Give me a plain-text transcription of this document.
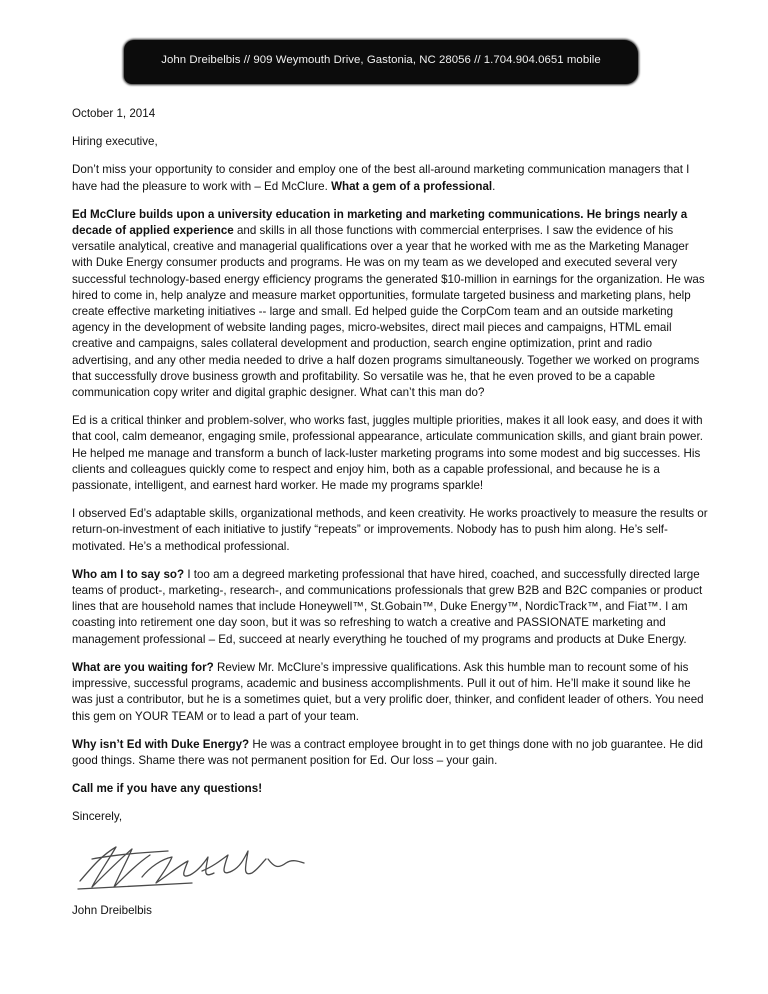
John Dreibelbis // 909 Weymouth Drive, Gastonia, NC 28056 // 1.704.904.0651 mobile

October 1, 2014

Hiring executive,

Don’t miss your opportunity to consider and employ one of the best all-around marketing communication managers that I have had the pleasure to work with – Ed McClure. What a gem of a professional.

Ed McClure builds upon a university education in marketing and marketing communications. He brings nearly a decade of applied experience and skills in all those functions with commercial enterprises. I saw the evidence of his versatile analytical, creative and managerial qualifications over a year that he worked with me as the Marketing Manager with Duke Energy consumer products and programs. He was on my team as we developed and executed several very successful technology-based energy efficiency programs the generated $10-million in earnings for the organization. He was hired to come in, help analyze and measure market opportunities, formulate targeted business and marketing plans, help create effective marketing initiatives -- large and small. Ed helped guide the CorpCom team and an outside marketing agency in the development of website landing pages, micro-websites, direct mail pieces and campaigns, HTML email creative and campaigns, sales collateral development and production, search engine optimization, print and radio advertising, and any other media needed to drive a half dozen programs simultaneously. Together we worked on programs that successfully drove business growth and profitability. So versatile was he, that he even proved to be a capable communication copy writer and digital graphic designer. What can’t this man do?

Ed is a critical thinker and problem-solver, who works fast, juggles multiple priorities, makes it all look easy, and does it with that cool, calm demeanor, engaging smile, professional appearance, articulate communication skills, and giant brain power. He helped me manage and transform a bunch of lack-luster marketing programs into some modest and big successes. His clients and colleagues quickly come to respect and enjoy him, both as a capable professional, and because he is a passionate, intelligent, and earnest hard worker. He made my programs sparkle!

I observed Ed’s adaptable skills, organizational methods, and keen creativity. He works proactively to measure the results or return-on-investment of each initiative to justify “repeats” or improvements. Nobody has to push him along. He’s self-motivated. He’s a methodical professional.

Who am I to say so? I too am a degreed marketing professional that have hired, coached, and successfully directed large teams of product-, marketing-, research-, and communications professionals that grew B2B and B2C companies or product lines that are household names that include Honeywell™, St.Gobain™, Duke Energy™, NordicTrack™, and Fiat™. I am coasting into retirement one day soon, but it was so refreshing to watch a creative and PASSIONATE marketing and management professional – Ed, succeed at nearly everything he touched of my programs and products at Duke Energy.

What are you waiting for? Review Mr. McClure’s impressive qualifications. Ask this humble man to recount some of his impressive, successful programs, academic and business accomplishments. Pull it out of him. He’ll make it sound like he was just a contributor, but he is a sometimes quiet, but a very prolific doer, thinker, and confident leader of others. You need this gem on YOUR TEAM or to lead a part of your team.

Why isn’t Ed with Duke Energy? He was a contract employee brought in to get things done with no job guarantee. He did good things. Shame there was not permanent position for Ed. Our loss – your gain.

Call me if you have any questions!

Sincerely,

John Dreibelbis
